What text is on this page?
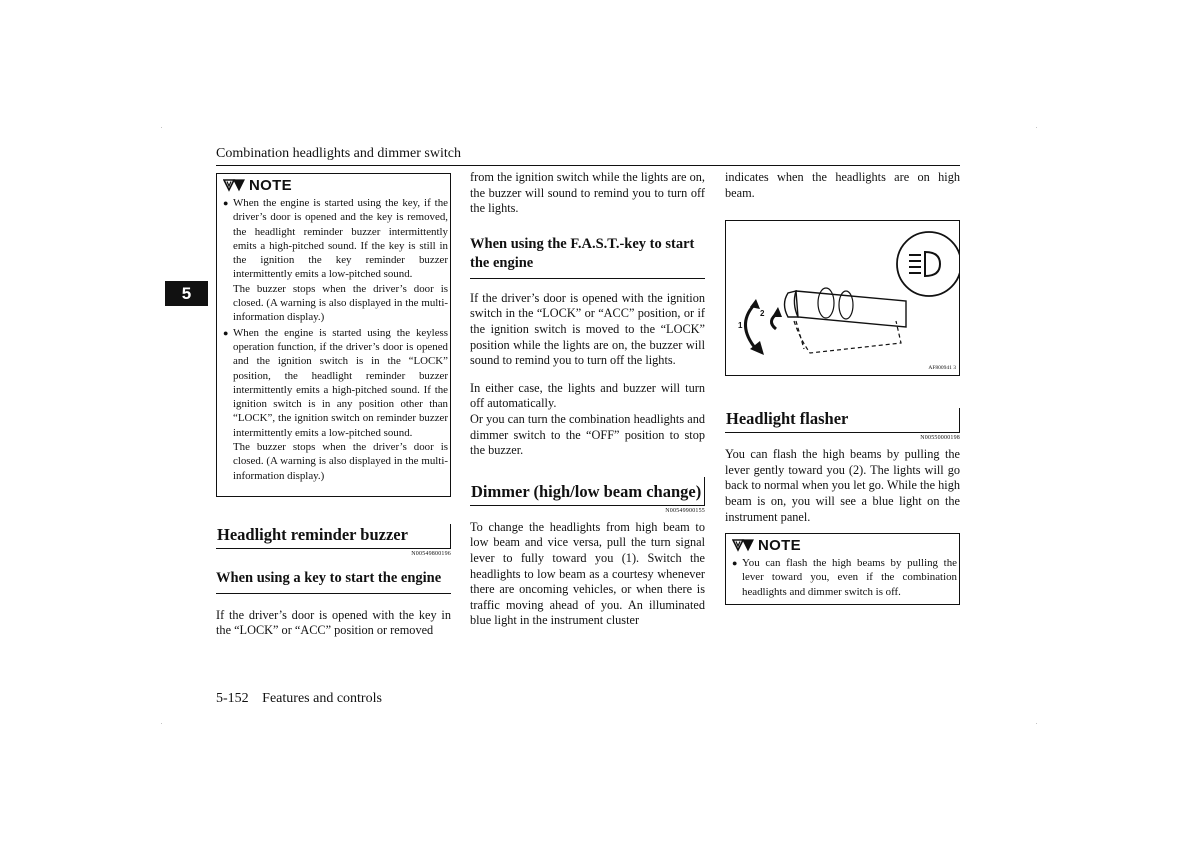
·	·
·	·
Combination headlights and dimmer switch
5
NOTE
● When the engine is started using the key, if the driver’s door is opened and the key is removed, the headlight reminder buzzer intermittently emits a high-pitched sound. If the key is still in the ignition the key reminder buzzer intermittently emits a low-pitched sound.

The buzzer stops when the driver’s door is closed. (A warning is also displayed in the multi-information display.)

● When the engine is started using the keyless operation function, if the driver’s door is opened and the ignition switch is in the “LOCK” position, the headlight reminder buzzer intermittently emits a high-pitched sound. If the ignition switch is in any position other than “LOCK”, the ignition switch on reminder buzzer intermittently emits a low-pitched sound.

The buzzer stops when the driver’s door is closed. (A warning is also displayed in the multi-information display.)

Headlight reminder buzzer
N00549800196
When using a key to start the engine

If the driver’s door is opened with the key in the “LOCK” or “ACC” position or removed

from the ignition switch while the lights are on, the buzzer will sound to remind you to turn off the lights.

When using the F.A.S.T.-key to start the engine

If the driver’s door is opened with the ignition switch in the “LOCK” or “ACC” position, or if the ignition switch is moved to the “LOCK” position while the lights are on, the buzzer will sound to remind you to turn off the lights.

In either case, the lights and buzzer will turn off automatically.

Or you can turn the combination headlights and dimmer switch to the “OFF” position to stop the buzzer.

Dimmer (high/low beam change)
N00549900155

To change the headlights from high beam to low beam and vice versa, pull the turn signal lever to fully toward you (1). Switch the headlights to low beam as a courtesy whenever there are oncoming vehicles, or when there is traffic moving ahead of you. An illuminated blue light in the instrument cluster

indicates when the headlights are on high beam.

1
2
AF800941 3
Headlight flasher
N00550000198

You can flash the high beams by pulling the lever gently toward you (2). The lights will go back to normal when you let go. While the high beam is on, you will see a blue light on the instrument panel.

NOTE
● You can flash the high beams by pulling the lever toward you, even if the combination headlights and dimmer switch is off.

5-152 Features and controls
